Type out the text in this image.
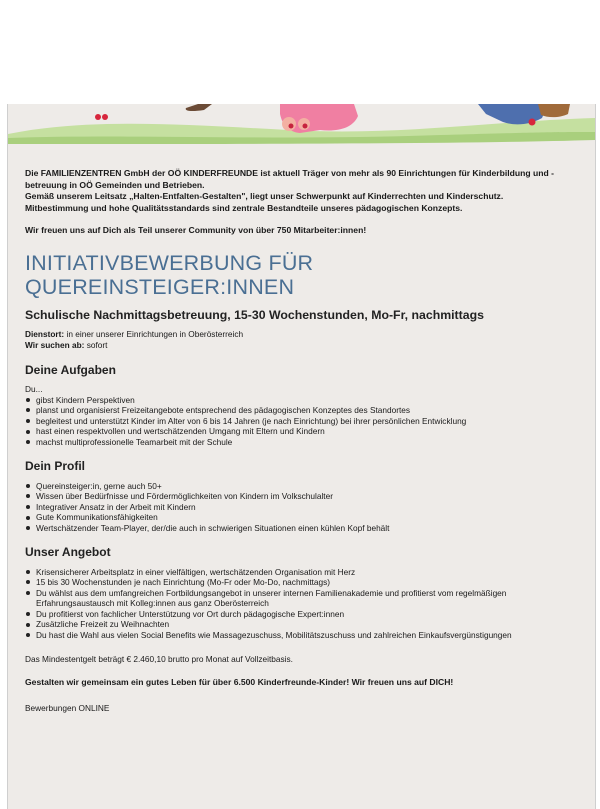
Die FAMILIENZENTREN GmbH der OÖ KINDERFREUNDE ist aktuell Träger von mehr als 90 Einrichtungen für Kinderbildung und -

betreuung in OÖ Gemeinden und Betrieben.

Gemäß unserem Leitsatz „Halten-Entfalten-Gestalten", liegt unser Schwerpunkt auf Kinderrechten und Kinderschutz.

Mitbestimmung und hohe Qualitätsstandards sind zentrale Bestandteile unseres pädagogischen Konzepts.

Wir freuen uns auf Dich als Teil unserer Community von über 750 Mitarbeiter:innen!

INITIATIVBEWERBUNG FÜR
QUEREINSTEIGER:INNEN
Schulische Nachmittagsbetreuung, 15-30 Wochenstunden, Mo-Fr, nachmittags
Dienstort: in einer unserer Einrichtungen in Oberösterreich
Wir suchen ab: sofort
Deine Aufgaben
Du...
gibst Kindern Perspektiven
planst und organisierst Freizeitangebote entsprechend des pädagogischen Konzeptes des Standortes
begleitest und unterstützt Kinder im Alter von 6 bis 14 Jahren (je nach Einrichtung) bei ihrer persönlichen Entwicklung
hast einen respektvollen und wertschätzenden Umgang mit Eltern und Kindern
machst multiprofessionelle Teamarbeit mit der Schule
Dein Profil
Quereinsteiger:in, gerne auch 50+
Wissen über Bedürfnisse und Fördermöglichkeiten von Kindern im Volkschulalter
Integrativer Ansatz in der Arbeit mit Kindern
Gute Kommunikationsfähigkeiten
Wertschätzender Team-Player, der/die auch in schwierigen Situationen einen kühlen Kopf behält
Unser Angebot
Krisensicherer Arbeitsplatz in einer vielfältigen, wertschätzenden Organisation mit Herz
15 bis 30 Wochenstunden je nach Einrichtung (Mo-Fr oder Mo-Do, nachmittags)
Du wählst aus dem umfangreichen Fortbildungsangebot in unserer internen Familienakademie und profitierst vom regelmäßigen
Erfahrungsaustausch mit Kolleg:innen aus ganz Oberösterreich
Du profitierst von fachlicher Unterstützung vor Ort durch pädagogische Expert:innen
Zusätzliche Freizeit zu Weihnachten
Du hast die Wahl aus vielen Social Benefits wie Massagezuschuss, Mobilitätszuschuss und zahlreichen Einkaufsvergünstigungen
Das Mindestentgelt beträgt € 2.460,10 brutto pro Monat auf Vollzeitbasis.
Gestalten wir gemeinsam ein gutes Leben für über 6.500 Kinderfreunde-Kinder! Wir freuen uns auf DICH!
Bewerbungen ONLINE
